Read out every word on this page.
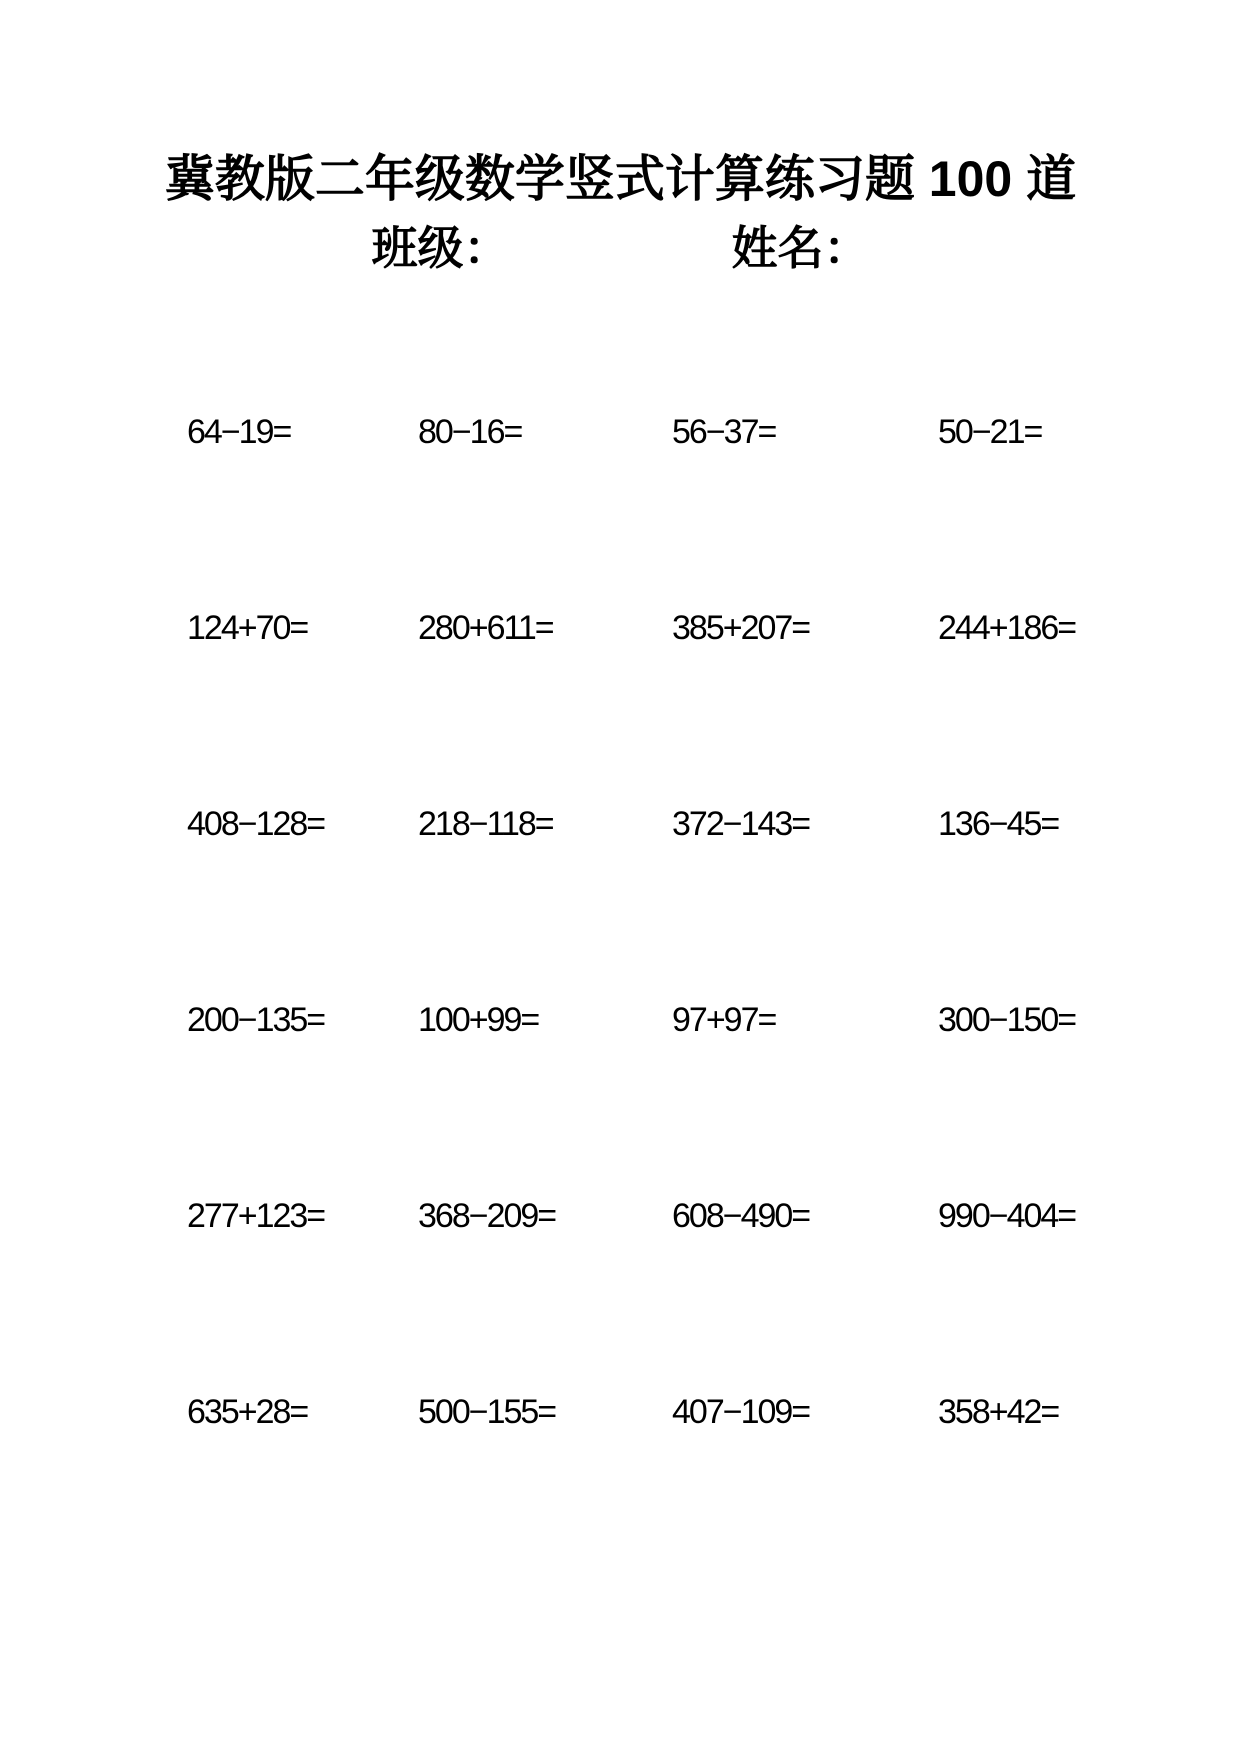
冀教版二年级数学竖式计算练习题 100 道
班级：	姓名：
64−19=	80−16=	56−37=	50−21=
124+70=	280+611=	385+207=	244+186=
408−128=	218−118=	372−143=	136−45=
200−135=	100+99=	97+97=	300−150=
277+123=	368−209=	608−490=	990−404=
635+28=	500−155=	407−109=	358+42=
